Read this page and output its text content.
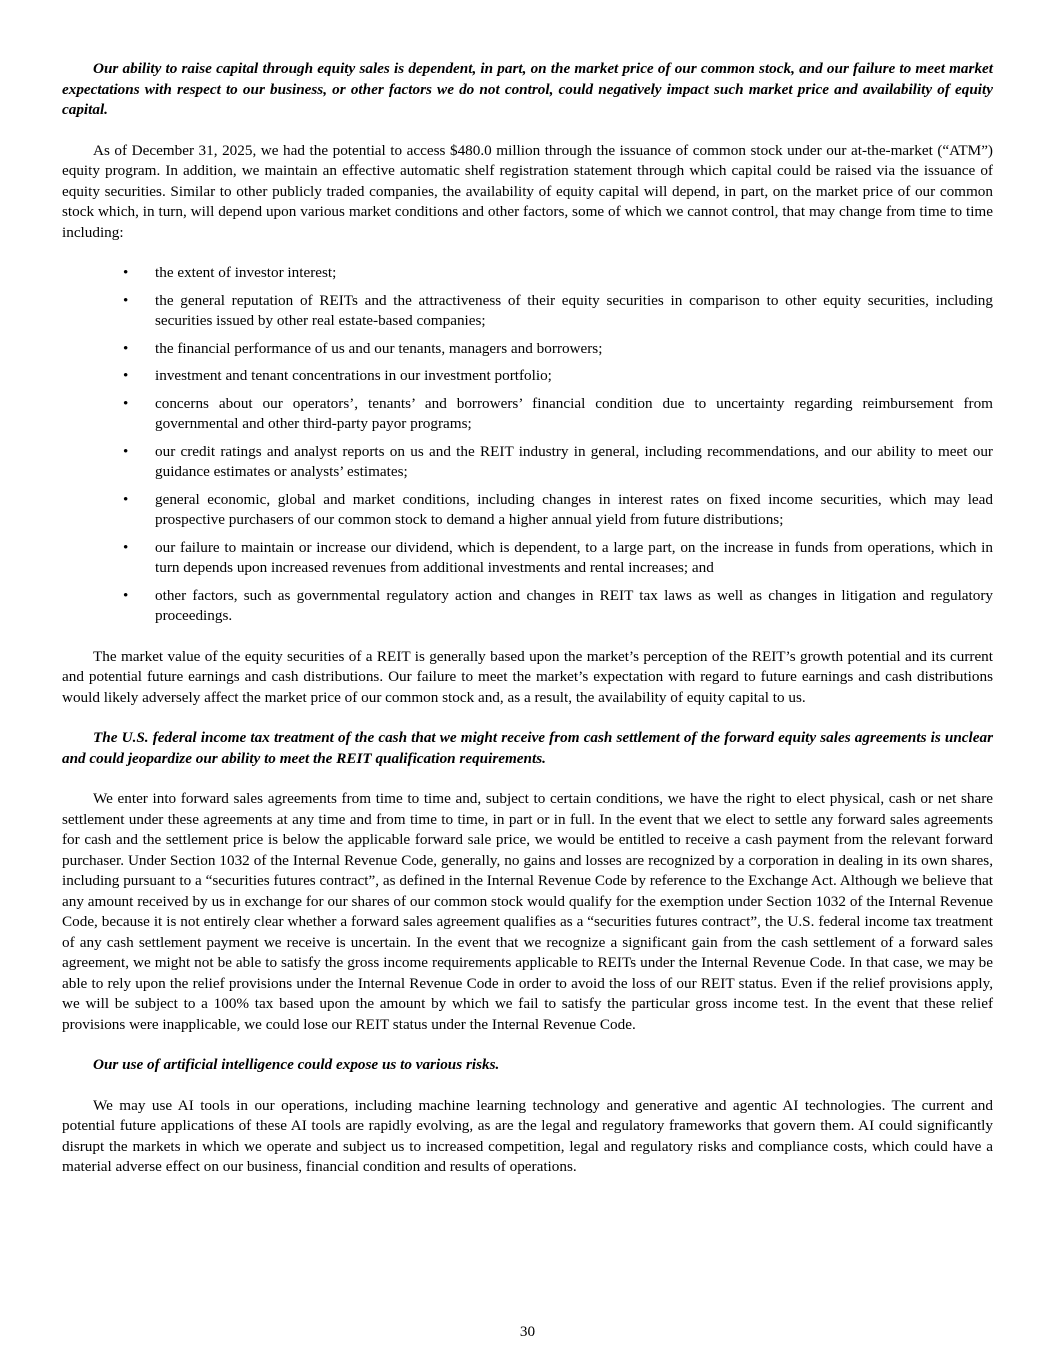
Our ability to raise capital through equity sales is dependent, in part, on the market price of our common stock, and our failure to meet market expectations with respect to our business, or other factors we do not control, could negatively impact such market price and availability of equity capital.

As of December 31, 2025, we had the potential to access $480.0 million through the issuance of common stock under our at-the-market (“ATM”) equity program. In addition, we maintain an effective automatic shelf registration statement through which capital could be raised via the issuance of equity securities. Similar to other publicly traded companies, the availability of equity capital will depend, in part, on the market price of our common stock which, in turn, will depend upon various market conditions and other factors, some of which we cannot control, that may change from time to time including:

• the extent of investor interest;
• the general reputation of REITs and the attractiveness of their equity securities in comparison to other equity securities, including securities issued by other real estate-based companies;
• the financial performance of us and our tenants, managers and borrowers;
• investment and tenant concentrations in our investment portfolio;
• concerns about our operators’, tenants’ and borrowers’ financial condition due to uncertainty regarding reimbursement from governmental and other third-party payor programs;
• our credit ratings and analyst reports on us and the REIT industry in general, including recommendations, and our ability to meet our guidance estimates or analysts’ estimates;
• general economic, global and market conditions, including changes in interest rates on fixed income securities, which may lead prospective purchasers of our common stock to demand a higher annual yield from future distributions;
• our failure to maintain or increase our dividend, which is dependent, to a large part, on the increase in funds from operations, which in turn depends upon increased revenues from additional investments and rental increases; and
• other factors, such as governmental regulatory action and changes in REIT tax laws as well as changes in litigation and regulatory proceedings.

The market value of the equity securities of a REIT is generally based upon the market’s perception of the REIT’s growth potential and its current and potential future earnings and cash distributions. Our failure to meet the market’s expectation with regard to future earnings and cash distributions would likely adversely affect the market price of our common stock and, as a result, the availability of equity capital to us.

The U.S. federal income tax treatment of the cash that we might receive from cash settlement of the forward equity sales agreements is unclear and could jeopardize our ability to meet the REIT qualification requirements.

We enter into forward sales agreements from time to time and, subject to certain conditions, we have the right to elect physical, cash or net share settlement under these agreements at any time and from time to time, in part or in full. In the event that we elect to settle any forward sales agreements for cash and the settlement price is below the applicable forward sale price, we would be entitled to receive a cash payment from the relevant forward purchaser. Under Section 1032 of the Internal Revenue Code, generally, no gains and losses are recognized by a corporation in dealing in its own shares, including pursuant to a “securities futures contract”, as defined in the Internal Revenue Code by reference to the Exchange Act. Although we believe that any amount received by us in exchange for our shares of our common stock would qualify for the exemption under Section 1032 of the Internal Revenue Code, because it is not entirely clear whether a forward sales agreement qualifies as a “securities futures contract”, the U.S. federal income tax treatment of any cash settlement payment we receive is uncertain. In the event that we recognize a significant gain from the cash settlement of a forward sales agreement, we might not be able to satisfy the gross income requirements applicable to REITs under the Internal Revenue Code. In that case, we may be able to rely upon the relief provisions under the Internal Revenue Code in order to avoid the loss of our REIT status. Even if the relief provisions apply, we will be subject to a 100% tax based upon the amount by which we fail to satisfy the particular gross income test. In the event that these relief provisions were inapplicable, we could lose our REIT status under the Internal Revenue Code.

Our use of artificial intelligence could expose us to various risks.

We may use AI tools in our operations, including machine learning technology and generative and agentic AI technologies. The current and potential future applications of these AI tools are rapidly evolving, as are the legal and regulatory frameworks that govern them. AI could significantly disrupt the markets in which we operate and subject us to increased competition, legal and regulatory risks and compliance costs, which could have a material adverse effect on our business, financial condition and results of operations.

30
